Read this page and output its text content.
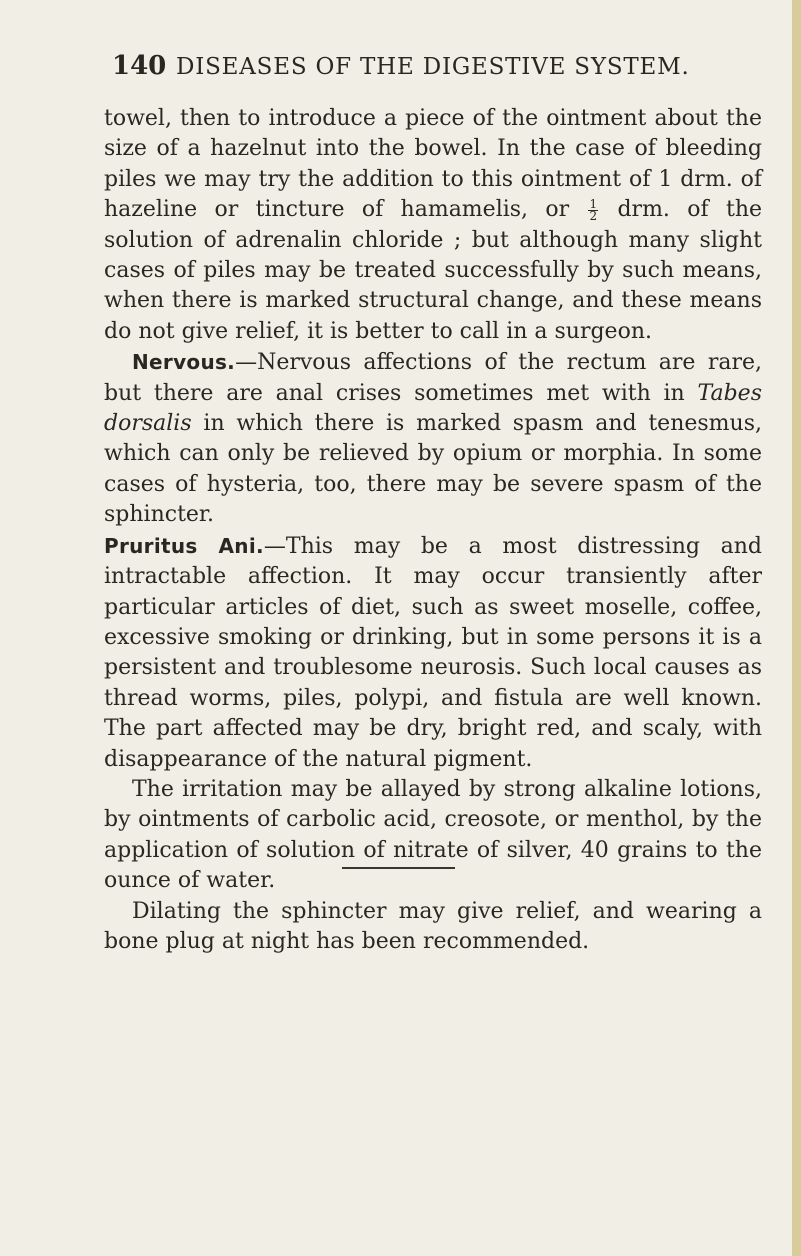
140 DISEASES OF THE DIGESTIVE SYSTEM.

towel, then to introduce a piece of the ointment about the size of a hazelnut into the bowel. In the case of bleeding piles we may try the addition to this ointment of 1 drm. of hazeline or tincture of hamamelis, or $\frac{1}{2}$ drm. of the solution of adrenalin chloride ; but although many slight cases of piles may be treated successfully by such means, when there is marked structural change, and these means do not give relief, it is better to call in a surgeon.

Nervous.—Nervous affections of the rectum are rare, but there are anal crises sometimes met with in Tabes dorsalis in which there is marked spasm and tenesmus, which can only be relieved by opium or morphia. In some cases of hysteria, too, there may be severe spasm of the sphincter.

Pruritus Ani.—This may be a most distressing and intractable affection. It may occur transiently after particular articles of diet, such as sweet moselle, coffee, excessive smoking or drinking, but in some persons it is a persistent and troublesome neurosis. Such local causes as thread worms, piles, polypi, and fistula are well known. The part affected may be dry, bright red, and scaly, with disappearance of the natural pigment.

The irritation may be allayed by strong alkaline lotions, by ointments of carbolic acid, creosote, or menthol, by the application of solution of nitrate of silver, 40 grains to the ounce of water.

Dilating the sphincter may give relief, and wearing a bone plug at night has been recommended.
